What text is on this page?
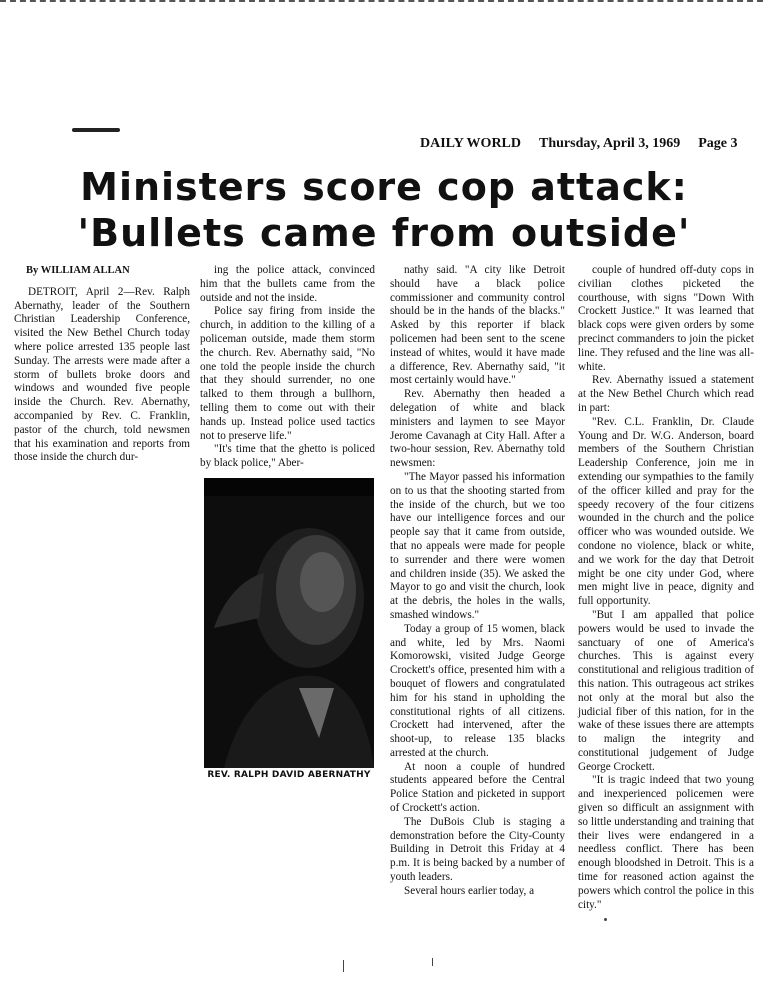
DAILY WORLD Thursday, April 3, 1969 Page 3
Ministers score cop attack:
'Bullets came from outside'

By WILLIAM ALLAN

DETROIT, April 2—Rev. Ralph Abernathy, leader of the Southern Christian Leadership Conference, visited the New Bethel Church today where police arrested 135 people last Sunday. The arrests were made after a storm of bullets broke doors and windows and wounded five people inside the Church. Rev. Abernathy, accompanied by Rev. C. Franklin, pastor of the church, told newsmen that his examination and reports from those inside the church dur-

ing the police attack, convinced him that the bullets came from the outside and not the inside.

Police say firing from inside the church, in addition to the killing of a policeman outside, made them storm the church. Rev. Abernathy said, "No one told the people inside the church that they should surrender, no one talked to them through a bullhorn, telling them to come out with their hands up. Instead police used tactics not to preserve life."

"It's time that the ghetto is policed by black police," Aber-

REV. RALPH DAVID ABERNATHY

nathy said. "A city like Detroit should have a black police commissioner and community control should be in the hands of the blacks." Asked by this reporter if black policemen had been sent to the scene instead of whites, would it have made a difference, Rev. Abernathy said, "it most certainly would have."

Rev. Abernathy then headed a delegation of white and black ministers and laymen to see Mayor Jerome Cavanagh at City Hall. After a two-hour session, Rev. Abernathy told newsmen:

"The Mayor passed his information on to us that the shooting started from the inside of the church, but we too have our intelligence forces and our people say that it came from outside, that no appeals were made for people to surrender and there were women and children inside (35). We asked the Mayor to go and visit the church, look at the debris, the holes in the walls, smashed windows."

Today a group of 15 women, black and white, led by Mrs. Naomi Komorowski, visited Judge George Crockett's office, presented him with a bouquet of flowers and congratulated him for his stand in upholding the constitutional rights of all citizens. Crockett had intervened, after the shoot-up, to release 135 blacks arrested at the church.

At noon a couple of hundred students appeared before the Central Police Station and picketed in support of Crockett's action.

The DuBois Club is staging a demonstration before the City-County Building in Detroit this Friday at 4 p.m. It is being backed by a number of youth leaders.

Several hours earlier today, a

couple of hundred off-duty cops in civilian clothes picketed the courthouse, with signs "Down With Crockett Justice." It was learned that black cops were given orders by some precinct commanders to join the picket line. They refused and the line was all-white.

Rev. Abernathy issued a statement at the New Bethel Church which read in part:

"Rev. C.L. Franklin, Dr. Claude Young and Dr. W.G. Anderson, board members of the Southern Christian Leadership Conference, join me in extending our sympathies to the family of the officer killed and pray for the speedy recovery of the four citizens wounded in the church and the police officer who was wounded outside. We condone no violence, black or white, and we work for the day that Detroit might be one city under God, where men might live in peace, dignity and full opportunity.

"But I am appalled that police powers would be used to invade the sanctuary of one of America's churches. This is against every constitutional and religious tradition of this nation. This outrageous act strikes not only at the moral but also the judicial fiber of this nation, for in the wake of these issues there are attempts to malign the integrity and constitutional judgement of Judge George Crockett.

"It is tragic indeed that two young and inexperienced policemen were given so difficult an assignment with so little understanding and training that their lives were endangered in a needless conflict. There has been enough bloodshed in Detroit. This is a time for reasoned action against the powers which control the police in this city."
